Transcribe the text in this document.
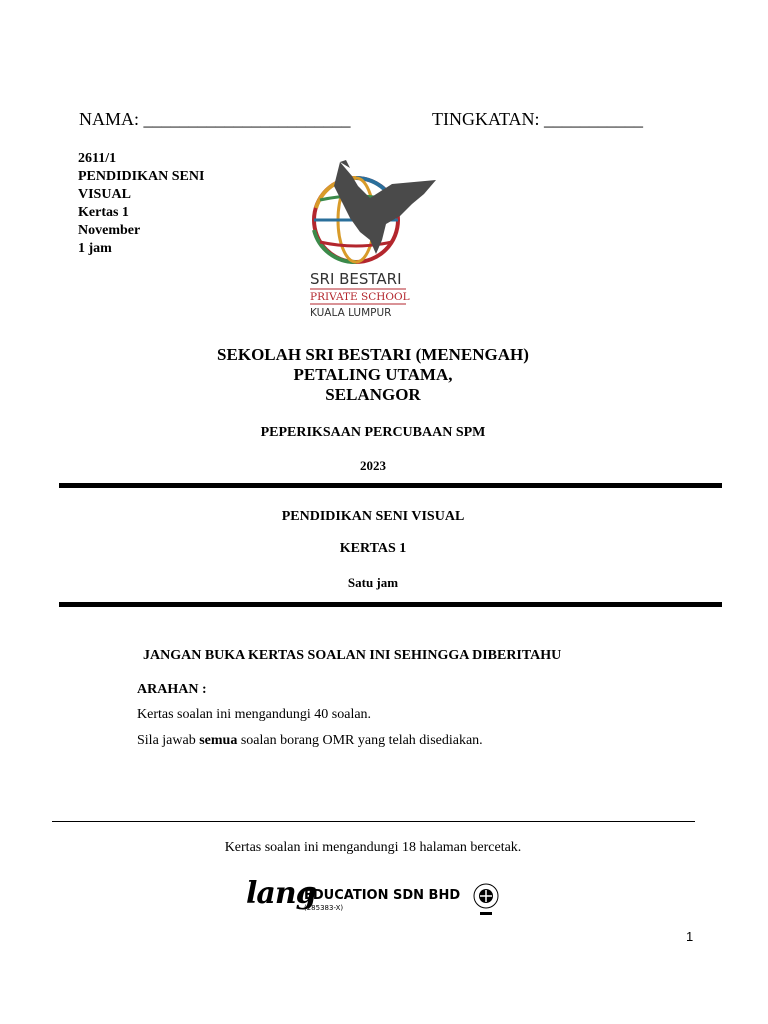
NAMA: _______________________	TINGKATAN: ___________
2611/1
PENDIDIKAN SENI
VISUAL
Kertas 1
November
1 jam
SRI BESTARI
PRIVATE SCHOOL
KUALA LUMPUR
SEKOLAH SRI BESTARI (MENENGAH)
PETALING UTAMA,
SELANGOR
PEPERIKSAAN PERCUBAAN SPM
2023
PENDIDIKAN SENI VISUAL
KERTAS 1
Satu jam
JANGAN BUKA KERTAS SOALAN INI SEHINGGA DIBERITAHU
ARAHAN :
Kertas soalan ini mengandungi 40 soalan.
Sila jawab semua soalan borang OMR yang telah disediakan.
Kertas soalan ini mengandungi 18 halaman bercetak.
lang
EDUCATION SDN BHD
(285383-X)
1
